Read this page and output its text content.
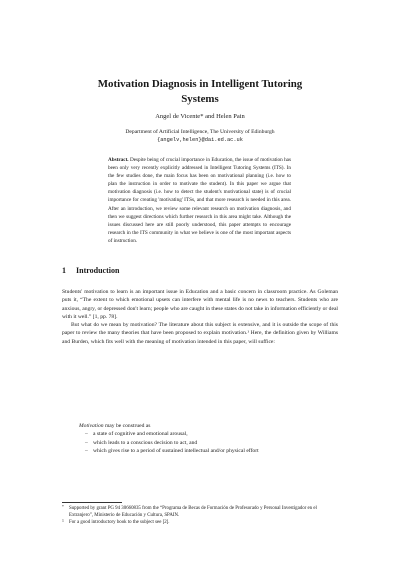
Motivation Diagnosis in Intelligent Tutoring
Systems
Angel de Vicente* and Helen Pain
Department of Artificial Intelligence, The University of Edinburgh
{angelv,helen}@dai.ed.ac.uk
Abstract. Despite being of crucial importance in Education, the issue of motivation has been only very recently explicitly addressed in Intelligent Tutoring Systems (ITS). In the few studies done, the main focus has been on motivational planning (i.e. how to plan the instruction in order to motivate the student). In this paper we argue that motivation diagnosis (i.e. how to detect the student's motivational state) is of crucial importance for creating 'motivating' ITSs, and that more research is needed in this area. After an introduction, we review some relevant research on motivation diagnosis, and then we suggest directions which further research in this area might take. Although the issues discussed here are still poorly understood, this paper attempts to encourage research in the ITS community in what we believe is one of the most important aspects of instruction.
1 Introduction

Students' motivation to learn is an important issue in Education and a basic concern in classroom practice. As Goleman puts it, “The extent to which emotional upsets can interfere with mental life is no news to teachers. Students who are anxious, angry, or depressed don't learn; people who are caught in these states do not take in information efficiently or deal with it well.” [1, pp. 78].

But what do we mean by motivation? The literature about this subject is extensive, and it is outside the scope of this paper to review the many theories that have been proposed to explain motivation.¹ Here, the definition given by Williams and Burden, which fits well with the meaning of motivation intended in this paper, will suffice:

Motivation may be construed as
– a state of cognitive and emotional arousal,
– which leads to a conscious decision to act, and
– which gives rise to a period of sustained intellectual and/or physical effort
* Supported by grant PG 94 30660835 from the “Programa de Becas de Formación de Profesorado y Personal Investigador en el Extranjero”, Ministerio de Educación y Cultura, SPAIN.
1 For a good introductory book to the subject see [2].
